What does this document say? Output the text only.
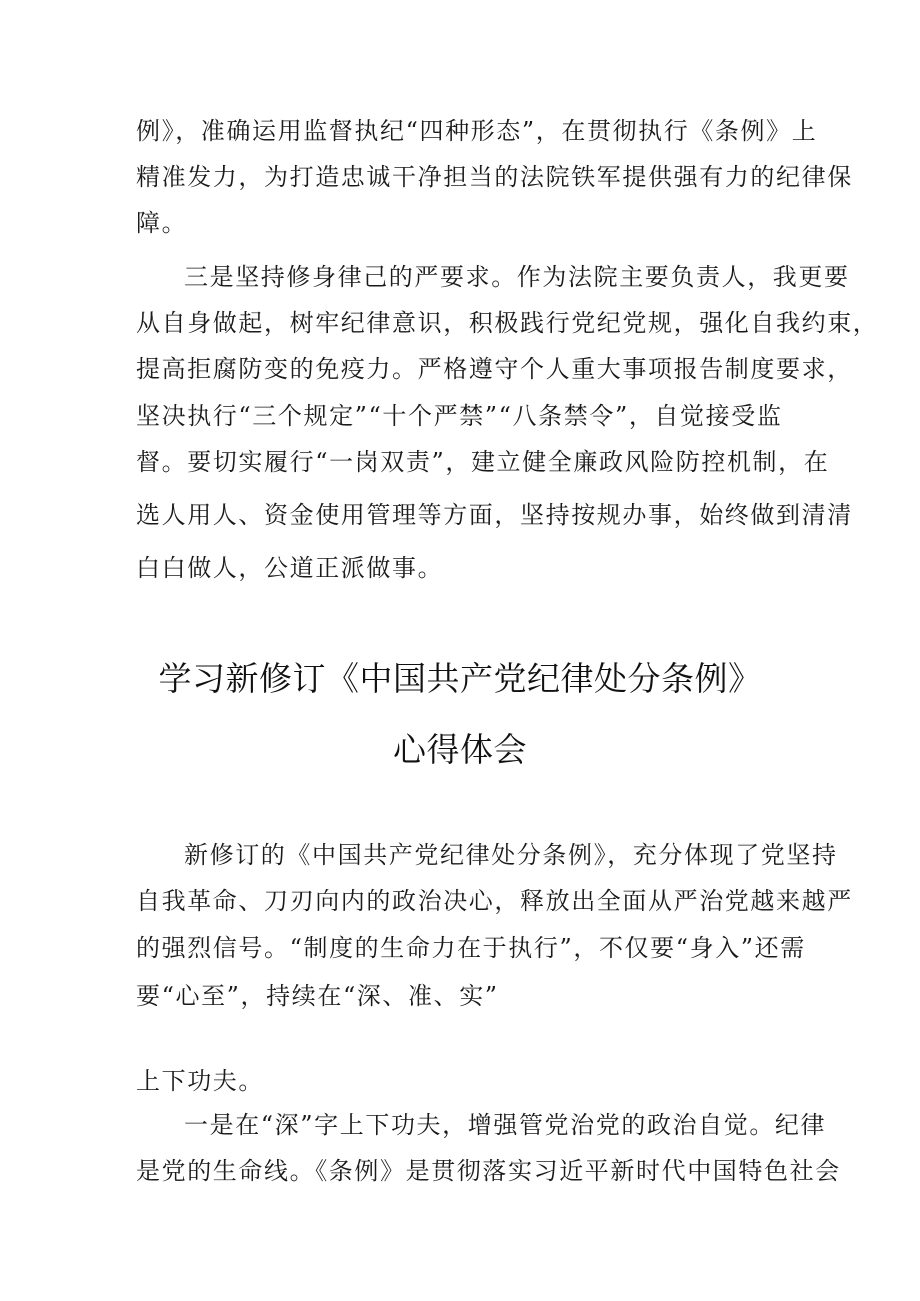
例》，准确运用监督执纪“四种形态”，在贯彻执行《条例》上
精准发力，为打造忠诚干净担当的法院铁军提供强有力的纪律保
障。
三是坚持修身律己的严要求。作为法院主要负责人，我更要
从自身做起，树牢纪律意识，积极践行党纪党规，强化自我约束，
提高拒腐防变的免疫力。严格遵守个人重大事项报告制度要求，
坚决执行“三个规定”“十个严禁”“八条禁令”，自觉接受监
督。要切实履行“一岗双责”，建立健全廉政风险防控机制，在
选人用人、资金使用管理等方面，坚持按规办事，始终做到清清
白白做人，公道正派做事。
学习新修订《中国共产党纪律处分条例》
心得体会
新修订的《中国共产党纪律处分条例》，充分体现了党坚持
自我革命、刀刃向内的政治决心，释放出全面从严治党越来越严
的强烈信号。“制度的生命力在于执行”，不仅要“身入”还需
要“心至”，持续在“深、准、实”
上下功夫。
一是在“深”字上下功夫，增强管党治党的政治自觉。纪律
是党的生命线。《条例》是贯彻落实习近平新时代中国特色社会
